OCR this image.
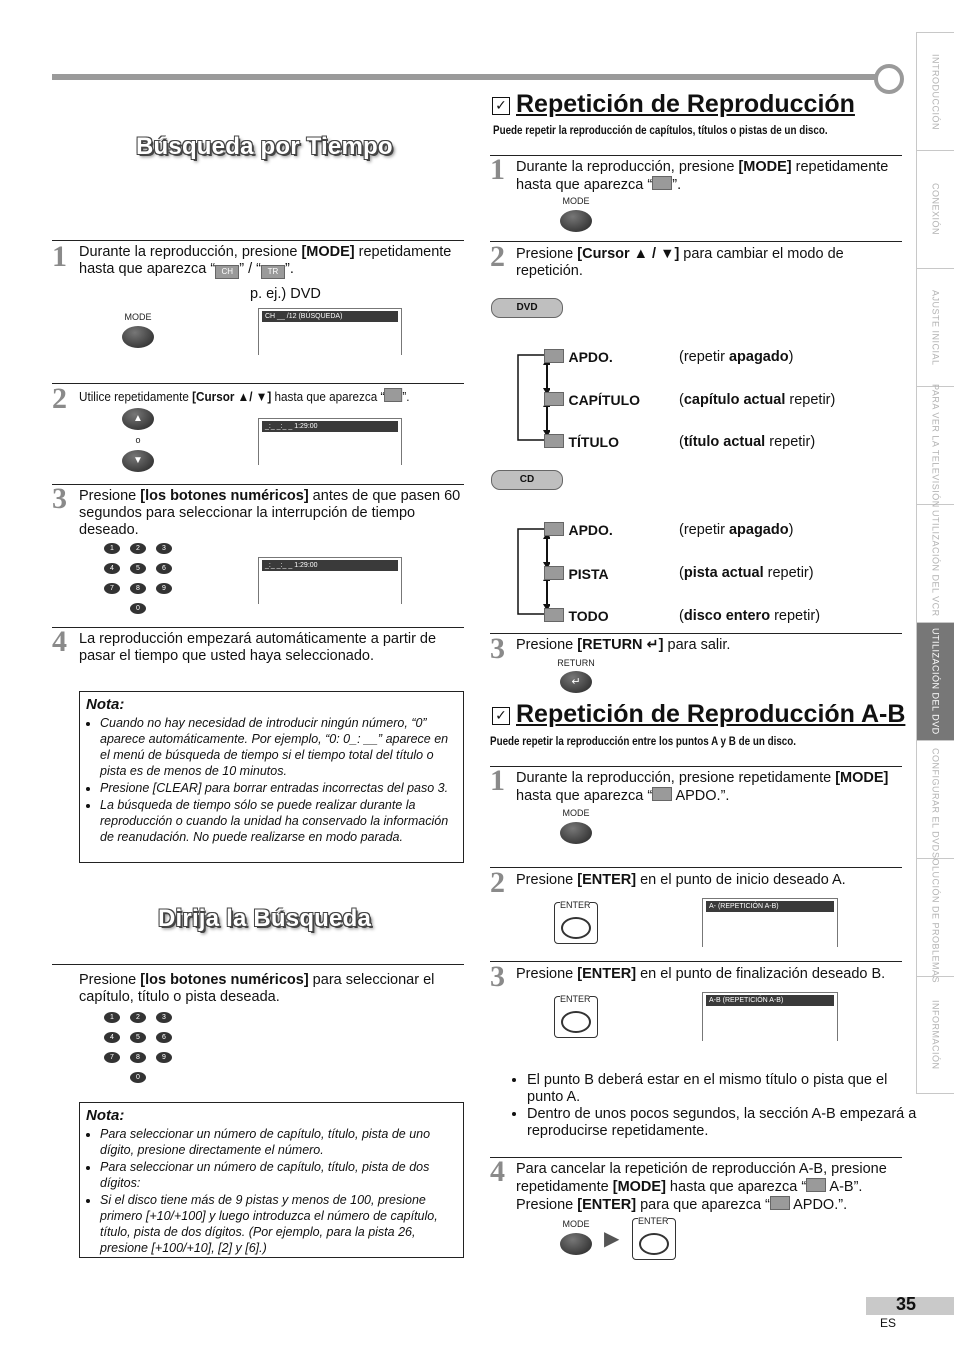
INTRODUCCIÓN
CONEXIÓN
AJUSTE INICIAL
PARA VER LA TELEVISIÓN
UTILIZACIÓN DEL VCR
UTILIZACIÓN DEL DVD
CONFIGURAR EL DVD
SOLUCIÓN DE PROBLEMAS
INFORMACIÓN
Búsqueda por Tiempo
1 Durante la reproducción, presione [MODE] repetidamente hasta que aparezca “ CH ” / “ TR ”.
p. ej.) DVD
MODE	CH __ /12 (BÚSQUEDA)
2 Utilice repetidamente [Cursor ▲/ ▼] hasta que aparezca “ ”.
▲
o
▼
_:_ _:_ _ 1:29:00
3 Presione [los botones numéricos] antes de que pasen 60 segundos para seleccionar la interrupción de tiempo deseado.
1	2	3
4	5	6
7	8	9
0
_:_ _:_ _ 1:29:00
4 La reproducción empezará automáticamente a partir de pasar el tiempo que usted haya seleccionado.
Nota:
• Cuando no hay necesidad de introducir ningún número, “0” aparece automáticamente. Por ejemplo, “0: 0_: __” aparece en el menú de búsqueda de tiempo si el tiempo total del título o pista es de menos de 10 minutos.
• Presione [CLEAR] para borrar entradas incorrectas del paso 3.
• La búsqueda de tiempo sólo se puede realizar durante la reproducción o cuando la unidad ha conservado la información de reanudación. No puede realizarse en modo parada.
Dirija la Búsqueda
Presione [los botones numéricos] para seleccionar el capítulo, título o pista deseada.
1	2	3
4	5	6
7	8	9
0
Nota:
• Para seleccionar un número de capítulo, título, pista de uno dígito, presione directamente el número.
• Para seleccionar un número de capítulo, título, pista de dos dígitos:
• Si el disco tiene más de 9 pistas y menos de 100, presione primero [+10/+100] y luego introduzca el número de capítulo, título, pista de dos dígitos. (Por ejemplo, para la pista 26, presione [+100/+10], [2] y [6].)
✓ Repetición de Reproducción
Puede repetir la reproducción de capítulos, títulos o pistas de un disco.
1 Durante la reproducción, presione [MODE] repetidamente hasta que aparezca “ ”.
MODE
2 Presione [Cursor ▲ / ▼] para cambiar el modo de repetición.
DVD
APDO.	(repetir apagado)
CAPÍTULO	(capítulo actual repetir)
TÍTULO	(título actual repetir)
CD
APDO.	(repetir apagado)
PISTA	(pista actual repetir)
TODO	(disco entero repetir)
3 Presione [RETURN ↵] para salir.
RETURN
↵
✓ Repetición de Reproducción A-B
Puede repetir la reproducción entre los puntos A y B de un disco.
1 Durante la reproducción, presione repetidamente [MODE] hasta que aparezca “ APDO.”.
MODE
2 Presione [ENTER] en el punto de inicio deseado A.
ENTER	A- (REPETICIÓN A-B)
3 Presione [ENTER] en el punto de finalización deseado B.
ENTER	A-B (REPETICIÓN A-B)
• El punto B deberá estar en el mismo título o pista que el punto A.
• Dentro de unos pocos segundos, la sección A-B empezará a reproducirse repetidamente.
4 Para cancelar la repetición de reproducción A-B, presione repetidamente [MODE] hasta que aparezca “ A-B”. Presione [ENTER] para que aparezca “ APDO.”.
MODE
▶
ENTER
35
ES
